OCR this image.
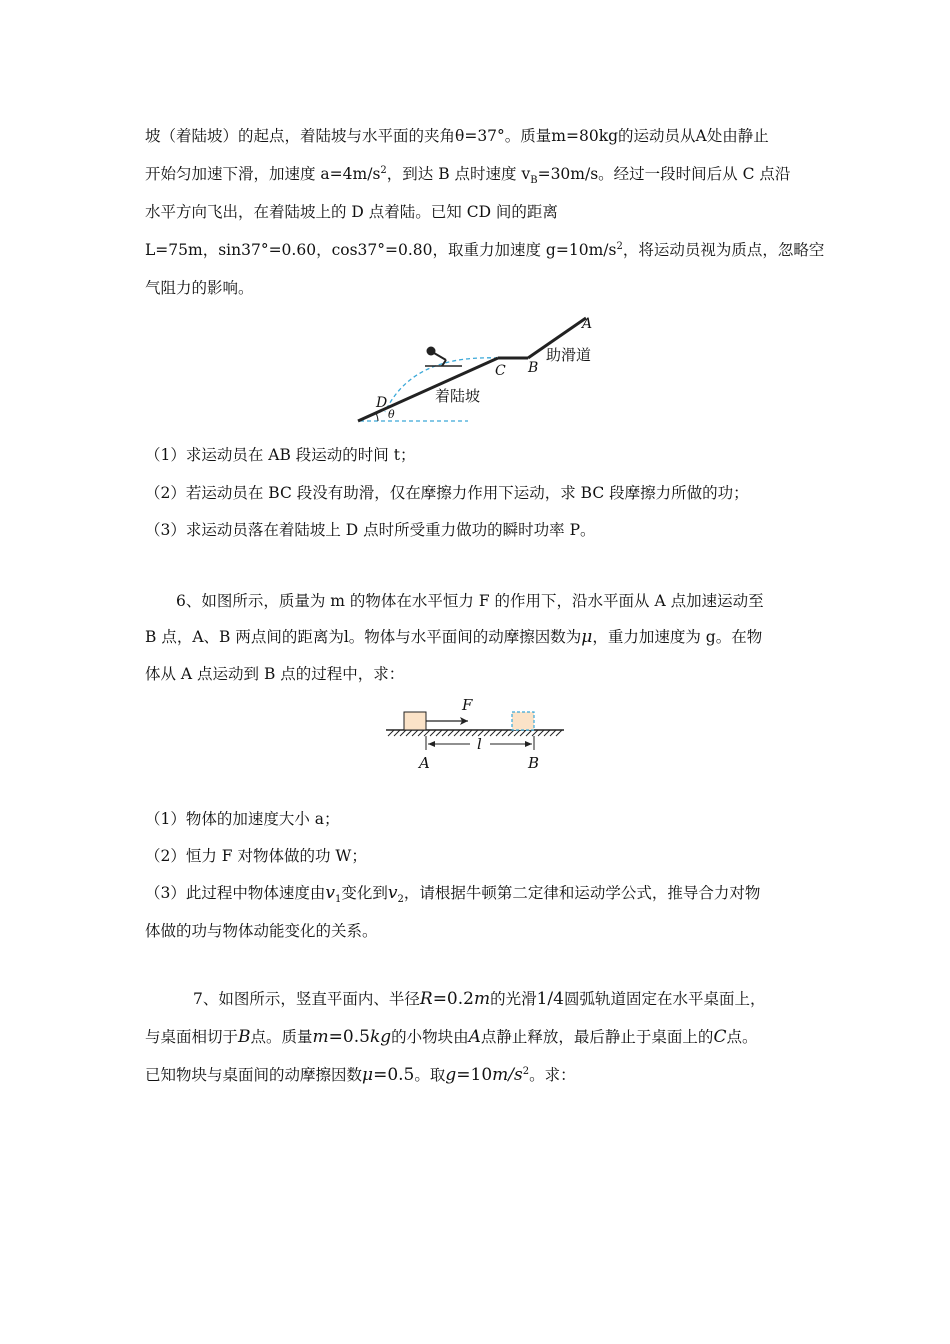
坡（着陆坡）的起点，着陆坡与水平面的夹角θ=37°。质量m=80kg的运动员从A处由静止
开始匀加速下滑，加速度 $a=4m/s^2$，到达 B 点时速度 $v_B=30m/s$。经过一段时间后从 C 点沿
水平方向飞出，在着陆坡上的 D 点着陆。已知 CD 间的距离
L=75m，sin37°=0.60，cos37°=0.80，取重力加速度 $g=10m/s^2$，将运动员视为质点，忽略空
气阻力的影响。
θ
D
C B
A
助滑道
着陆坡
（1）求运动员在 AB 段运动的时间 t；
（2）若运动员在 BC 段没有助滑，仅在摩擦力作用下运动，求 BC 段摩擦力所做的功；
（3）求运动员落在着陆坡上 D 点时所受重力做功的瞬时功率 P。
6、如图所示，质量为 m 的物体在水平恒力 F 的作用下，沿水平面从 A 点加速运动至
B 点，A、B 两点间的距离为l。物体与水平面间的动摩擦因数为μ，重力加速度为 g。在物
体从 A 点运动到 B 点的过程中，求：
F
l
A	B
（1）物体的加速度大小 a；
（2）恒力 F 对物体做的功 W；
（3）此过程中物体速度由$v_1$变化到$v_2$，请根据牛顿第二定律和运动学公式，推导合力对物
体做的功与物体动能变化的关系。
7、如图所示，竖直平面内、半径R=0.2m的光滑1/4圆弧轨道固定在水平桌面上，
与桌面相切于B点。质量m=0.5kg的小物块由A点静止释放，最后静止于桌面上的C点。
已知物块与桌面间的动摩擦因数μ=0.5。取$g=10m/s^2$。求：
